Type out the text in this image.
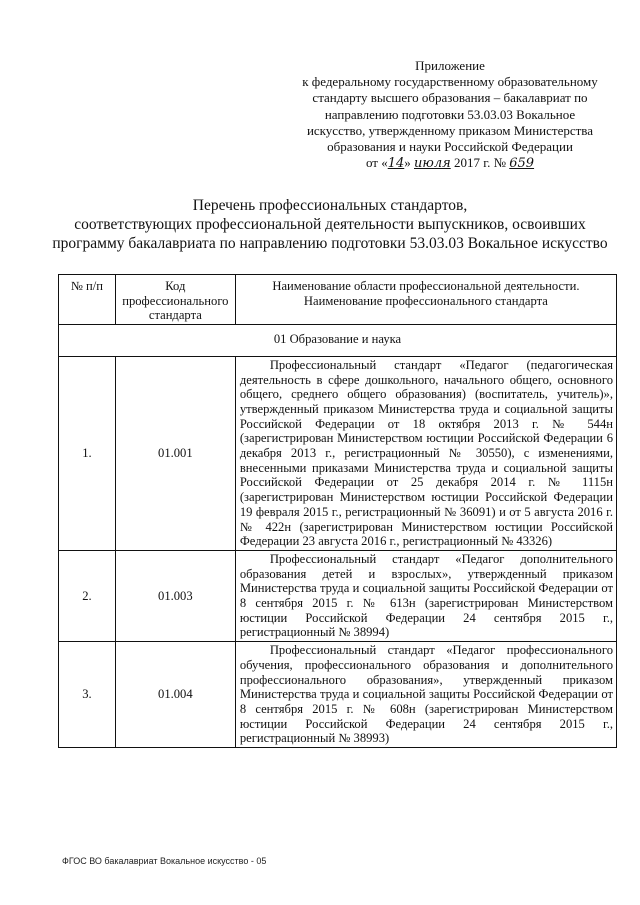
Приложение
к федеральному государственному образовательному
стандарту высшего образования – бакалавриат по
направлению подготовки 53.03.03 Вокальное
искусство, утвержденному приказом Министерства
образования и науки Российской Федерации
от «14» июля 2017 г. № 659
Перечень профессиональных стандартов,
соответствующих профессиональной деятельности выпускников, освоивших
программу бакалавриата по направлению подготовки 53.03.03 Вокальное искусство
№ п/п	Код профессионального стандарта	Наименование области профессиональной деятельности. Наименование профессионального стандарта
01 Образование и наука		
1.	01.001	Профессиональный стандарт «Педагог (педагогическая деятельность в сфере дошкольного, начального общего, основного общего, среднего общего образования) (воспитатель, учитель)», утвержденный приказом Министерства труда и социальной защиты Российской Федерации от 18 октября 2013 г. № 544н (зарегистрирован Министерством юстиции Российской Федерации 6 декабря 2013 г., регистрационный № 30550), с изменениями, внесенными приказами Министерства труда и социальной защиты Российской Федерации от 25 декабря 2014 г. № 1115н (зарегистрирован Министерством юстиции Российской Федерации 19 февраля 2015 г., регистрационный № 36091) и от 5 августа 2016 г. № 422н (зарегистрирован Министерством юстиции Российской Федерации 23 августа 2016 г., регистрационный № 43326)

2.	01.003	Профессиональный стандарт «Педагог дополнительного образования детей и взрослых», утвержденный приказом Министерства труда и социальной защиты Российской Федерации от 8 сентября 2015 г. № 613н (зарегистрирован Министерством юстиции Российской Федерации 24 сентября 2015 г., регистрационный № 38994)

3.	01.004	Профессиональный стандарт «Педагог профессионального обучения, профессионального образования и дополнительного профессионального образования», утвержденный приказом Министерства труда и социальной защиты Российской Федерации от 8 сентября 2015 г. № 608н (зарегистрирован Министерством юстиции Российской Федерации 24 сентября 2015 г., регистрационный № 38993)
ФГОС ВО бакалавриат Вокальное искусство - 05
